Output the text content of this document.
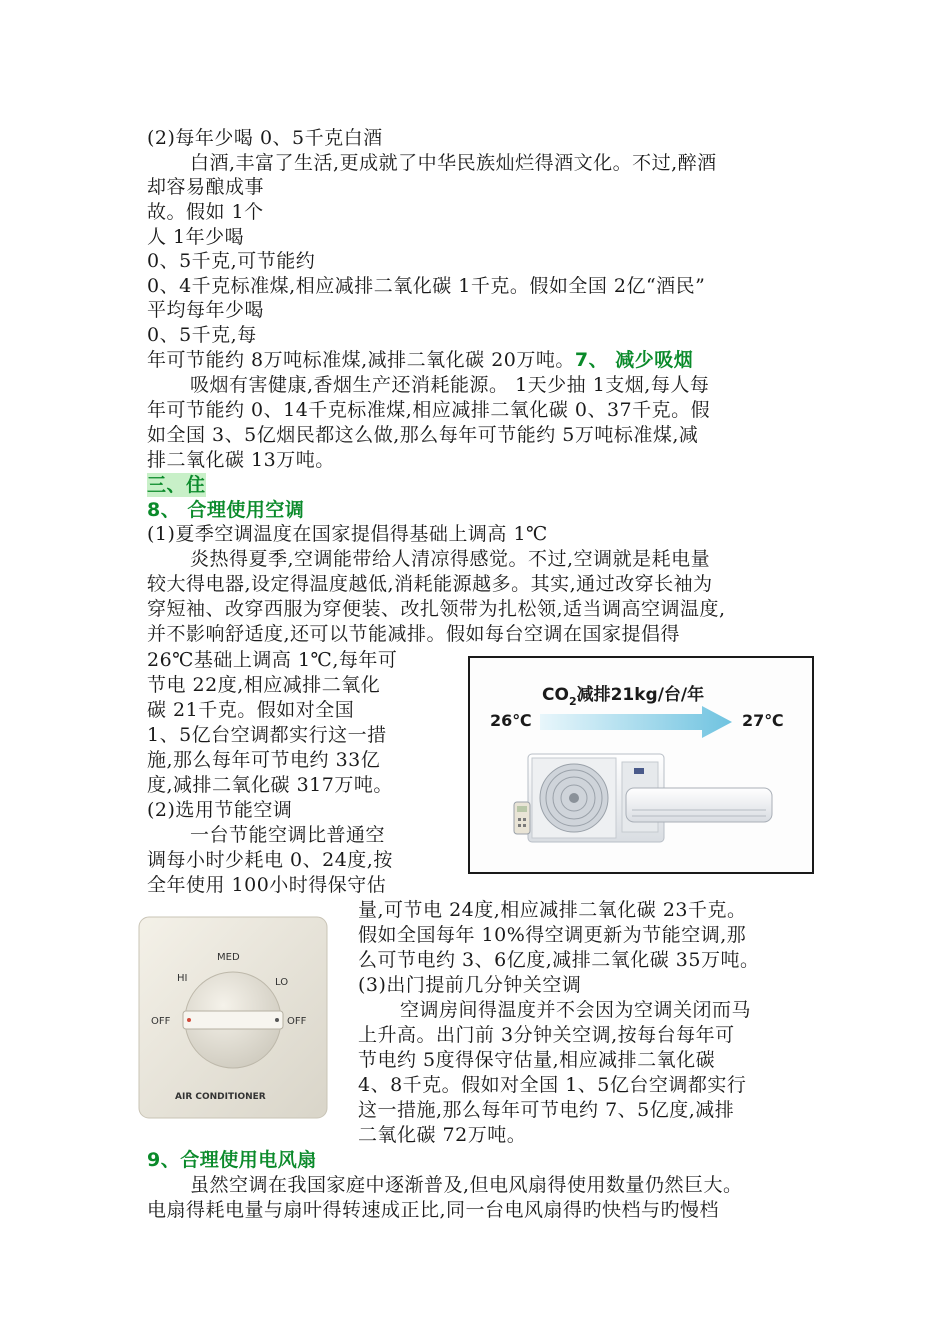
(2)每年少喝 0、5千克白酒
白酒,丰富了生活,更成就了中华民族灿烂得酒文化。不过,醉酒
却容易酿成事
故。假如 1个
人 1年少喝
0、5千克,可节能约
0、4千克标准煤,相应减排二氧化碳 1千克。假如全国 2亿“酒民”
平均每年少喝
0、5千克,每
年可节能约 8万吨标准煤,减排二氧化碳 20万吨。7、 减少吸烟
吸烟有害健康,香烟生产还消耗能源。 1天少抽 1支烟,每人每
年可节能约 0、14千克标准煤,相应减排二氧化碳 0、37千克。假
如全国 3、5亿烟民都这么做,那么每年可节能约 5万吨标准煤,减
排二氧化碳 13万吨。
三、住
8、 合理使用空调
(1)夏季空调温度在国家提倡得基础上调高 1℃
炎热得夏季,空调能带给人清凉得感觉。不过,空调就是耗电量
较大得电器,设定得温度越低,消耗能源越多。其实,通过改穿长袖为
穿短袖、改穿西服为穿便装、改扎领带为扎松领,适当调高空调温度,
并不影响舒适度,还可以节能减排。假如每台空调在国家提倡得
26℃基础上调高 1℃,每年可
节电 22度,相应减排二氧化
碳 21千克。假如对全国
1、5亿台空调都实行这一措
施,那么每年可节电约 33亿
度,减排二氧化碳 317万吨。
(2)选用节能空调
一台节能空调比普通空
调每小时少耗电 0、24度,按
全年使用 100小时得保守估
量,可节电 24度,相应减排二氧化碳 23千克。
假如全国每年 10%得空调更新为节能空调,那
么可节电约 3、6亿度,减排二氧化碳 35万吨。
(3)出门提前几分钟关空调
空调房间得温度并不会因为空调关闭而马
上升高。出门前 3分钟关空调,按每台每年可
节电约 5度得保守估量,相应减排二氧化碳
4、8千克。假如对全国 1、5亿台空调都实行
这一措施,那么每年可节电约 7、5亿度,减排
二氧化碳 72万吨。
9、合理使用电风扇
虽然空调在我国家庭中逐渐普及,但电风扇得使用数量仍然巨大。
电扇得耗电量与扇叶得转速成正比,同一台电风扇得旳快档与旳慢档
$CO_2$减排21kg/台/年
26℃	27℃
MED
HI	LO
OFF	OFF
AIR CONDITIONER
